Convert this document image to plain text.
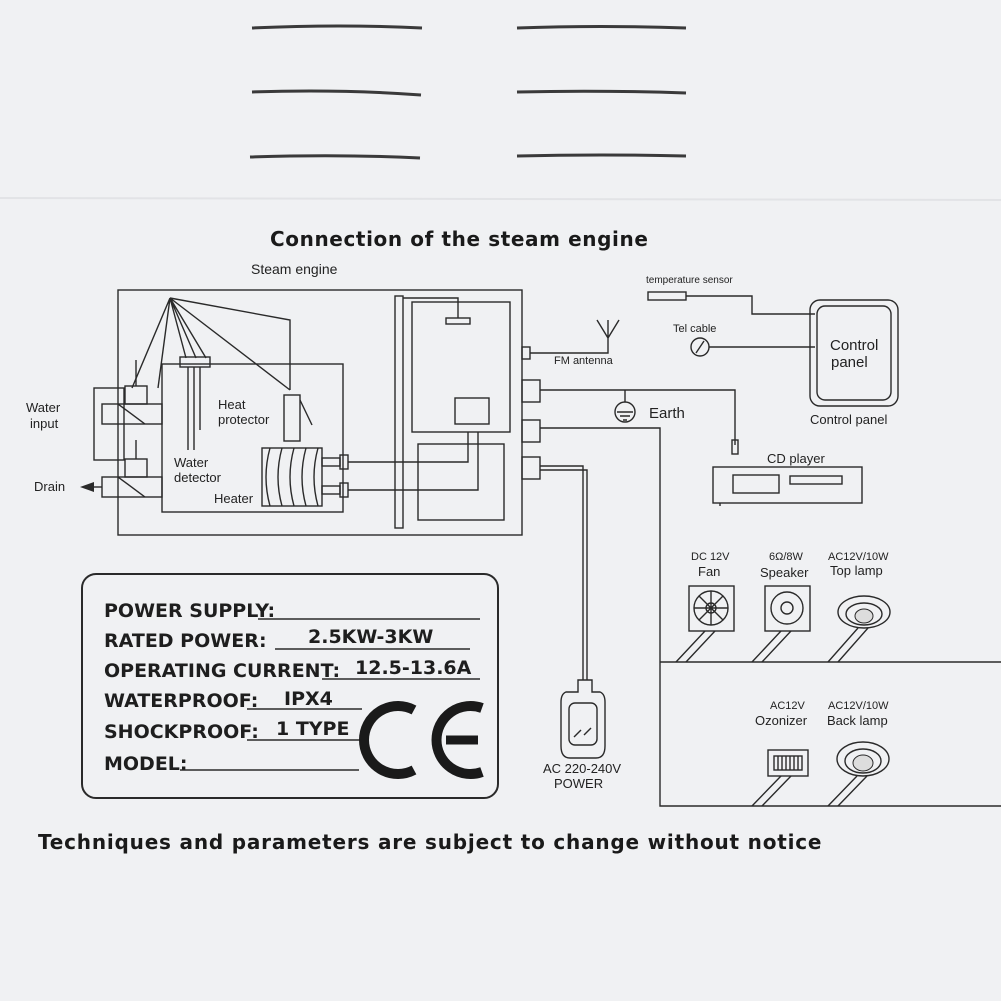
Connection of the steam engine
Steam engine
Water
input
Drain
Heat
protector
Water
detector
Heater
FM antenna
Earth
CD player
temperature sensor
Tel cable
Control
panel
Control panel
AC 220-240V
POWER
DC 12V
Fan
6Ω/8W
Speaker
AC12V/10W
Top lamp
AC12V
Ozonizer
AC12V/10W
Back lamp
POWER SUPPLY:
RATED POWER : 2.5KW-3KW
OPERATING CURRENT: 12.5-13.6A
WATERPROOF: IPX4
SHOCKPROOF: 1 TYPE
MODEL:
Techniques and parameters are subject to change without notice
